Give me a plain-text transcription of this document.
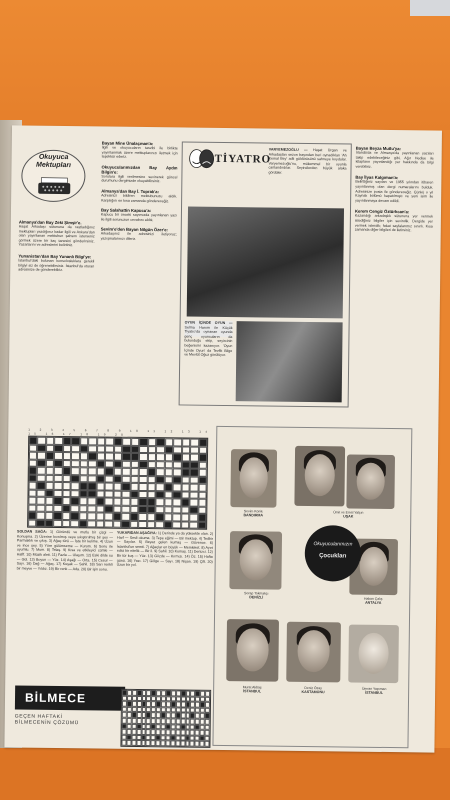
Okuyuca
Mektupları
Almanya'dan Bay Zeki Şimşir'e.
Haşat Arkadaşı sütununa da rastladığınız mektupları yazdığınız kadar ilgili ve Ankara'dan olan yayınlanan mektubun şahsını isterseniz görmek üzere bir kaç tanesini gönderirsiniz. Yazarlarını ve adreslerini belirtiniz.
Yunanistan'dan Bay Yunanlı Bilgi'ye:
İstanbul'daki bulunan konsolosluklara gerekli bilgiyi siz de öğrenebilirsiniz. İstanbul'da oturan adresinize de gönderebiliriz.
Bayan Mine Ünalaçman'a:
İlgili ve okuyucuların tasvibi ile birlikte yayınlanmak üzere mektuplarınızı iletmek için teşekkür ederiz.
Okuyucularımızdan Bay Aydın Bilgin'e:
Sorulara ilgili verilmesine sevinerek güncel durumunu dergimizde okuyabilirsiniz.
Almanya'dan Bay İ. Toprak'a:
Adresinizi bildiren mektubunuzu aldık. Karşılığını en kısa zamanda göndereceğiz.
Bay Salahattin Kapucu'a:
Kapucu bir önceki sayımızda yayınlanan yazı ile ilgili sorunuzun cevabını aldık.
Sevim'e'den Bayan Nilgün Özer'e:
Arkadaşınız ile adresinizi iletiyoruz; yazışmalarınızı dileriz.
TİYATRO
VARYEMEZOĞLU — Haşat Ürgan ve Arkadaşları sezon başından beri oynadıkları 'Ah Kemal Bey' adlı güldürüsünü sahneye koydular. Varyemezoğlu'nu, mükemmel bir oyunla canlandırdılar. Seyircilerden büyük alaka gördüler.
OYUN İÇİNDE OYUN — Selma Hanım ile Küçük Tiyatro'da oynanan oyunda genç oyuncuların da bulunduğu ekip, seyircinin beğenisini kazanıyor. 'Oyun İçinde Oyun' da Tevfik Bilge ve Mevlüt Oğuz görülüyor.
Bayan Beyza Mutlu'ya:
İrlanda'da ve Almanya'da yayınlanan yazıları takip edebileceğiniz gibi, Ağır Hediye ile kitapların yayınlandığı yer hakkında da bilgi verebiliriz.
Bay İlyas Kalgıman'a:
Belirttiğiniz sayıları ve 1955 yılından itibaren yayınlanmış olan dergi numaralarını bulduk. Adresinize posta ile göndereceğiz. Çünkü o yıl Kaynak bölümü kapatılmıştı ve yeni isim ile yayınlanmaya devam edildi.
Kerem Cengiz Öztürkcan'a:
Kazandığı arkadaşlık sütununa yer vermek istediğiniz bilgiler için sevindik. Dergide yer vermek isterdik; fakat sayfalarımız sınırlı. Kısa zamanda diğer bilgileri de iletirsiniz.
1 2 3 4 5 6 7 8 9 10 11 12 13 14 15 16 17 18 19 20
SOLDAN SAĞA: 1) Göründü ve mutlu bir çizgi — Konuşma. 2) Üzerine kıvrılmış veya sıkıştırılmış bir şey — Parmaklık ve çıkış. 3) Ağaç türü — İşte bir kelime. 4) Uzun ve ince şey. 5) Yöre gülümseme — Kurum. 6) Sonu ile uyumlu. 7) Mum. 8) Telaş. 9) Kısa ve etkileyici cümle — Hafif. 10) Müzik aleti. 11) Fazla — Ulaşım. 12) Eski dilde su — Gül. 13) Boyun — Yüz. 14) Aşağı — Orta. 15) Cesur — Sayı. 16) Dağ — Ağaç. 17) Kuşak — Sahil. 18) Sarı renkli bir meyve — Yıldız. 19) Bir renk — Ada. 20) Bir işin sonu.
YUKARIDAN AŞAĞIYA: 1) Derinde ya da yüksekte olan. 2) Harf — Sesli okuma. 3) Tepe eğimi — Bir mektup. 4) Tedbir — Sayılar. 5) Beyaz gelen kumaş — Güvence. 6) İstanbul'un semti. 7) Ağaçlar en büyük — Memleket. 8) Ayırt edici bir nitelik — Bir il. 9) Sahil. 10) Kumaş. 11) Denizci. 12) Bir tür kuş — Yüz. 13) Gözde — Kırmızı. 14) Öz. 15) Hafta günü. 16) Yazı. 17) Gölge — Sayı. 18) Nişan. 19) Çift. 20) Uzun bir yol.
BİLMECE
GEÇEN HAFTAKİ
BİLMECENİN ÇÖZÜMÜ
Sevim Konik
BANDIRMA
Ümit ve Emel Yalçın
UŞAK
Serap Tokmakçı
DENİZLİ	Hakan Çalış
ANTALYA
Murat Akbaş
İSTANBUL
Deniz Özay
KASTAMONU
Ümran Yapıman
İSTANBUL
Okuyucularımızın
Çocukları
